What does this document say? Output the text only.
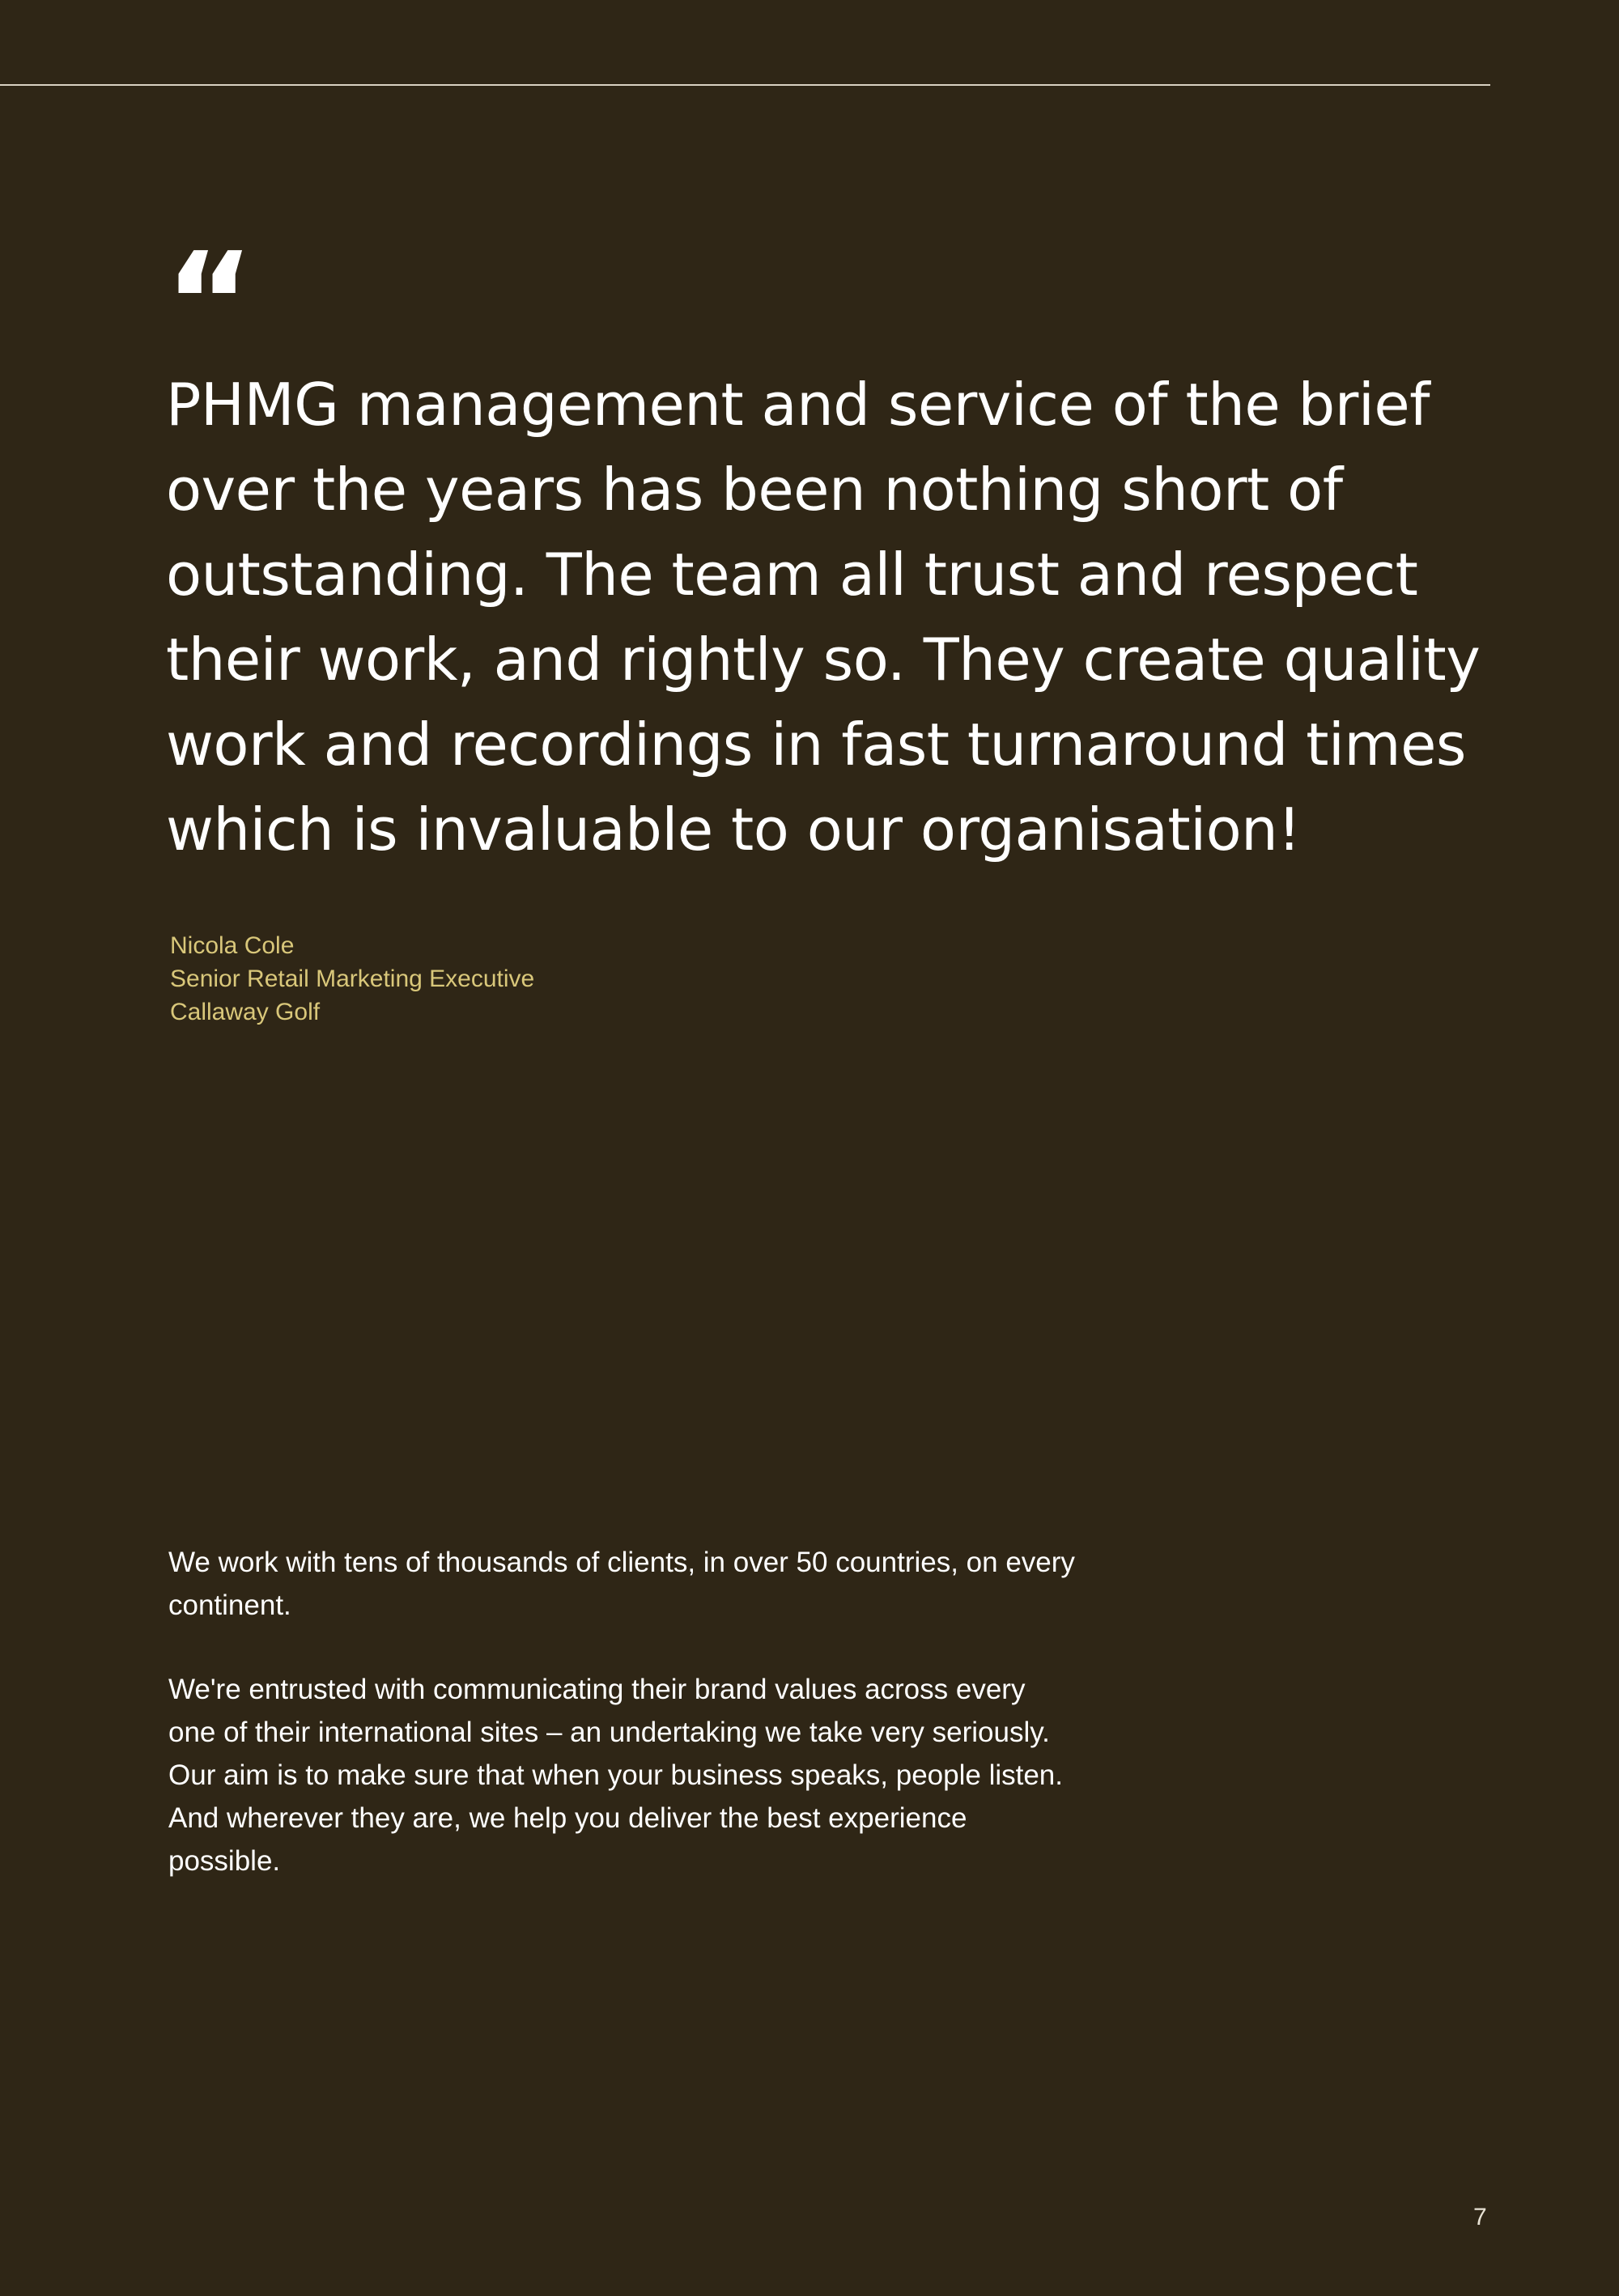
“

PHMG management and service of the brief over the years has been nothing short of outstanding. The team all trust and respect their work, and rightly so. They create quality work and recordings in fast turnaround times which is invaluable to our organisation!

Nicola Cole
Senior Retail Marketing Executive
Callaway Golf

We work with tens of thousands of clients, in over 50 countries, on every continent.

We're entrusted with communicating their brand values across every one of their international sites – an undertaking we take very seriously. Our aim is to make sure that when your business speaks, people listen. And wherever they are, we help you deliver the best experience possible.

7
